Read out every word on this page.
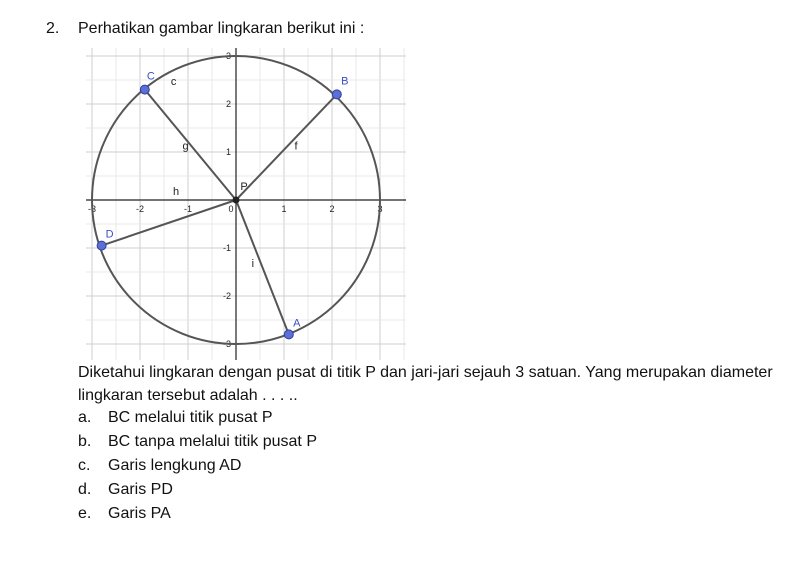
2. Perhatikan gambar lingkaran berikut ini :
-3	-2	-1	0	1	2	3
3
2
1
-1
-2
-3
c
g	f
h
i
A
B
C
D
P
Diketahui lingkaran dengan pusat di titik P dan jari-jari sejauh 3 satuan. Yang merupakan diameter lingkaran tersebut adalah . . . ..
a. BC melalui titik pusat P
b. BC tanpa melalui titik pusat P
c. Garis lengkung AD
d. Garis PD
e. Garis PA
